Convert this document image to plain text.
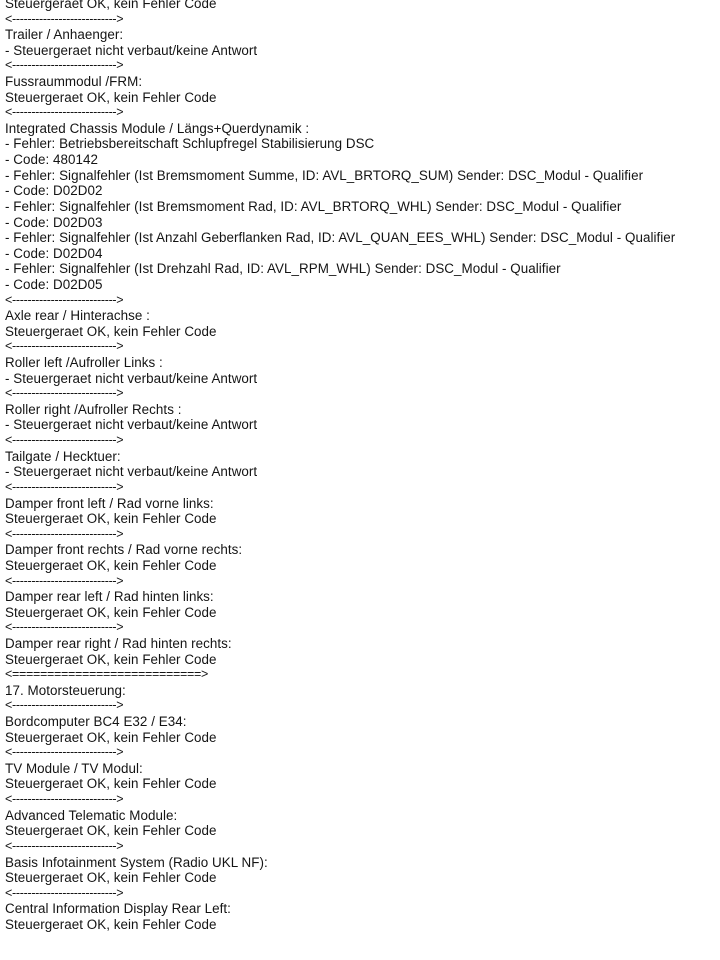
Steuergeraet OK, kein Fehler Code
<--------------------------->
Trailer / Anhaenger:
- Steuergeraet nicht verbaut/keine Antwort
<--------------------------->
Fussraummodul /FRM:
Steuergeraet OK, kein Fehler Code
<--------------------------->
Integrated Chassis Module / Längs+Querdynamik :
- Fehler: Betriebsbereitschaft Schlupfregel Stabilisierung DSC
- Code: 480142
- Fehler: Signalfehler (Ist Bremsmoment Summe, ID: AVL_BRTORQ_SUM) Sender: DSC_Modul - Qualifier
- Code: D02D02
- Fehler: Signalfehler (Ist Bremsmoment Rad, ID: AVL_BRTORQ_WHL) Sender: DSC_Modul - Qualifier
- Code: D02D03
- Fehler: Signalfehler (Ist Anzahl Geberflanken Rad, ID: AVL_QUAN_EES_WHL) Sender: DSC_Modul - Qualifier
- Code: D02D04
- Fehler: Signalfehler (Ist Drehzahl Rad, ID: AVL_RPM_WHL) Sender: DSC_Modul - Qualifier
- Code: D02D05
<--------------------------->
Axle rear / Hinterachse :
Steuergeraet OK, kein Fehler Code
<--------------------------->
Roller left /Aufroller Links :
- Steuergeraet nicht verbaut/keine Antwort
<--------------------------->
Roller right /Aufroller Rechts :
- Steuergeraet nicht verbaut/keine Antwort
<--------------------------->
Tailgate / Hecktuer:
- Steuergeraet nicht verbaut/keine Antwort
<--------------------------->
Damper front left / Rad vorne links:
Steuergeraet OK, kein Fehler Code
<--------------------------->
Damper front rechts / Rad vorne rechts:
Steuergeraet OK, kein Fehler Code
<--------------------------->
Damper rear left / Rad hinten links:
Steuergeraet OK, kein Fehler Code
<--------------------------->
Damper rear right / Rad hinten rechts:
Steuergeraet OK, kein Fehler Code
<===========================>
17. Motorsteuerung:
<--------------------------->
Bordcomputer BC4 E32 / E34:
Steuergeraet OK, kein Fehler Code
<--------------------------->
TV Module / TV Modul:
Steuergeraet OK, kein Fehler Code
<--------------------------->
Advanced Telematic Module:
Steuergeraet OK, kein Fehler Code
<--------------------------->
Basis Infotainment System (Radio UKL NF):
Steuergeraet OK, kein Fehler Code
<--------------------------->
Central Information Display Rear Left:
Steuergeraet OK, kein Fehler Code
